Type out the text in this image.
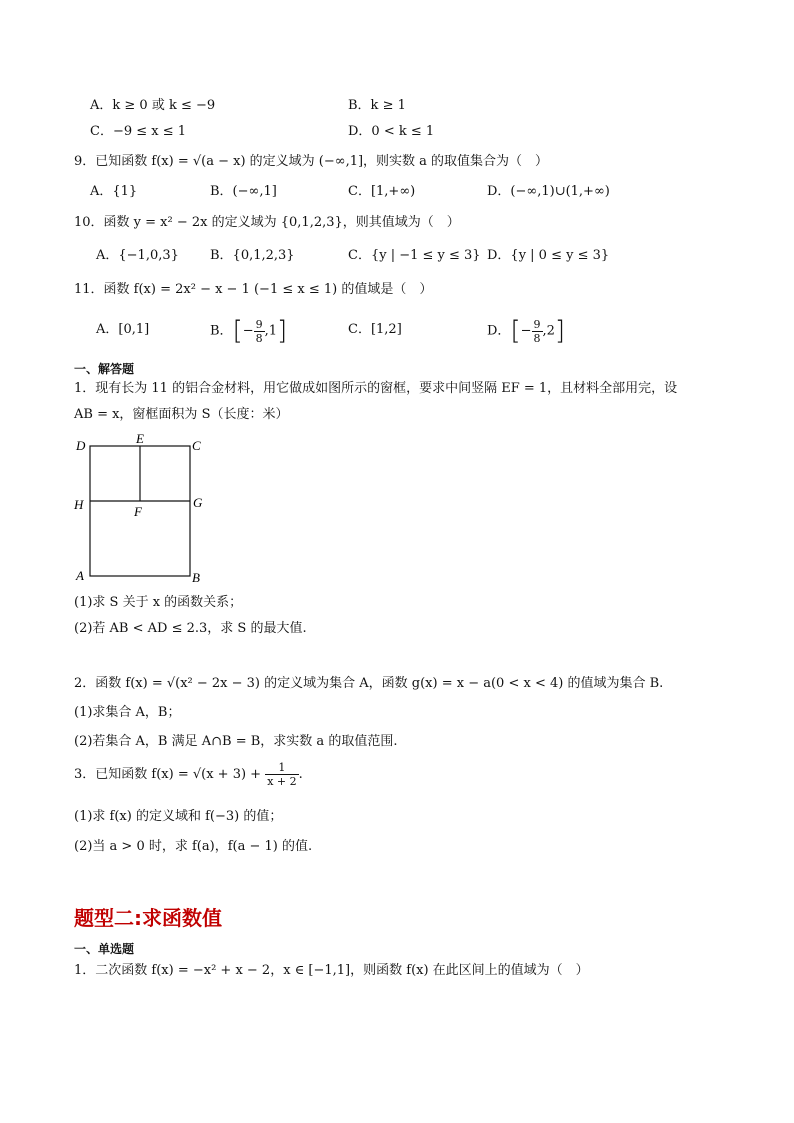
A．k ≥ 0 或 k ≤ −9	B．k ≥ 1
C．−9 ≤ x ≤ 1	D．0 < k ≤ 1
9．已知函数 f(x) = √(a − x) 的定义域为 (−∞,1]，则实数 a 的取值集合为（　）
A．{1}	B．(−∞,1]	C．[1,+∞)	D．(−∞,1)∪(1,+∞)
10．函数 y = x² − 2x 的定义域为 {0,1,2,3}，则其值域为（　）
A．{−1,0,3} B．{0,1,2,3}	C．{y | −1 ≤ y ≤ 3} D．{y | 0 ≤ y ≤ 3}
11．函数 f(x) = 2x² − x − 1 (−1 ≤ x ≤ 1) 的值域是（　）
A．[0,1]	B．[− $\frac{9}{8} ,1$]	C．[1,2]	D．[− $\frac{9}{8} ,2$]
一、解答题
1．现有长为 11 的铝合金材料，用它做成如图所示的窗框，要求中间竖隔 EF = 1，且材料全部用完，设
AB = x，窗框面积为 S（长度：米）
D	E	C
H	F
G
A	B
(1)求 S 关于 x 的函数关系；
(2)若 AB < AD ≤ 2.3，求 S 的最大值.
2．函数 f(x) = √(x² − 2x − 3) 的定义域为集合 A，函数 g(x) = x − a(0 < x < 4) 的值域为集合 B.
(1)求集合 A，B；
(2)若集合 A，B 满足 A∩B = B，求实数 a 的取值范围.
3．已知函数 $f(x) = √(x + 3) + \frac{1}{x + 2}$ .
(1)求 f(x) 的定义域和 f(−3) 的值；
(2)当 a > 0 时，求 f(a)，f(a − 1) 的值.
题型二:求函数值
一、单选题
1．二次函数 f(x) = −x² + x − 2，x ∈ [−1,1]，则函数 f(x) 在此区间上的值域为（　）
